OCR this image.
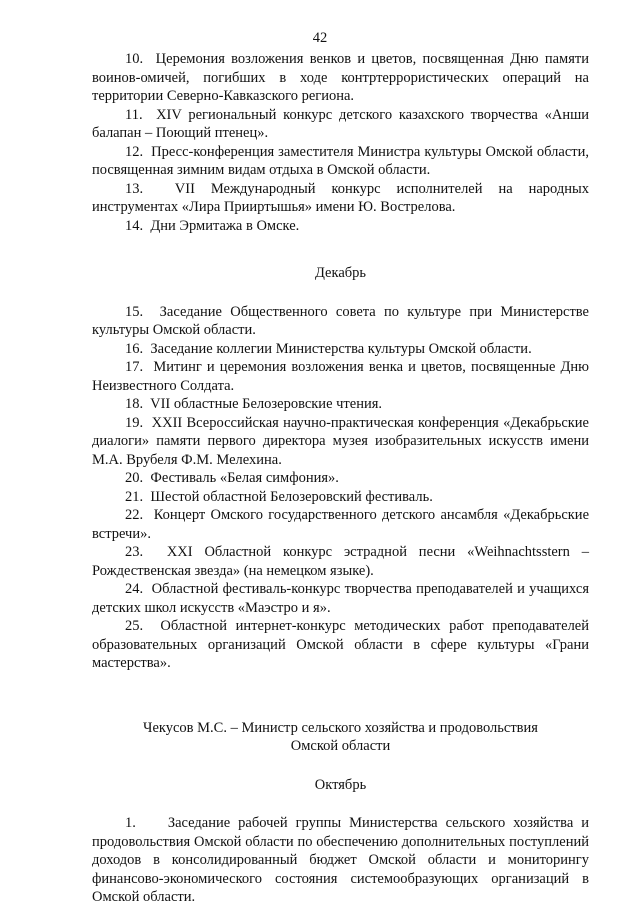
42

10. Церемония возложения венков и цветов, посвященная Дню памяти воинов-омичей, погибших в ходе контртеррористических операций на территории Северно-Кавказского региона.

11. XIV региональный конкурс детского казахского творчества «Анши балапан – Поющий птенец».

12. Пресс-конференция заместителя Министра культуры Омской области, посвященная зимним видам отдыха в Омской области.

13. VII Международный конкурс исполнителей на народных инструментах «Лира Прииртышья» имени Ю. Вострелова.

14. Дни Эрмитажа в Омске.

Декабрь

15. Заседание Общественного совета по культуре при Министерстве культуры Омской области.

16. Заседание коллегии Министерства культуры Омской области.

17. Митинг и церемония возложения венка и цветов, посвященные Дню Неизвестного Солдата.

18. VII областные Белозеровские чтения.

19. XXII Всероссийская научно-практическая конференция «Декабрьские диалоги» памяти первого директора музея изобразительных искусств имени М.А. Врубеля Ф.М. Мелехина.

20. Фестиваль «Белая симфония».

21. Шестой областной Белозеровский фестиваль.

22. Концерт Омского государственного детского ансамбля «Декабрьские встречи».

23. XXI Областной конкурс эстрадной песни «Weihnachtsstern – Рождественская звезда» (на немецком языке).

24. Областной фестиваль-конкурс творчества преподавателей и учащихся детских школ искусств «Маэстро и я».

25. Областной интернет-конкурс методических работ преподавателей образовательных организаций Омской области в сфере культуры «Грани мастерства».

Чекусов М.С. – Министр сельского хозяйства и продовольствия

Омской области

Октябрь

1. Заседание рабочей группы Министерства сельского хозяйства и продовольствия Омской области по обеспечению дополнительных поступлений доходов в консолидированный бюджет Омской области и мониторингу финансово-экономического состояния системообразующих организаций в Омской области.
